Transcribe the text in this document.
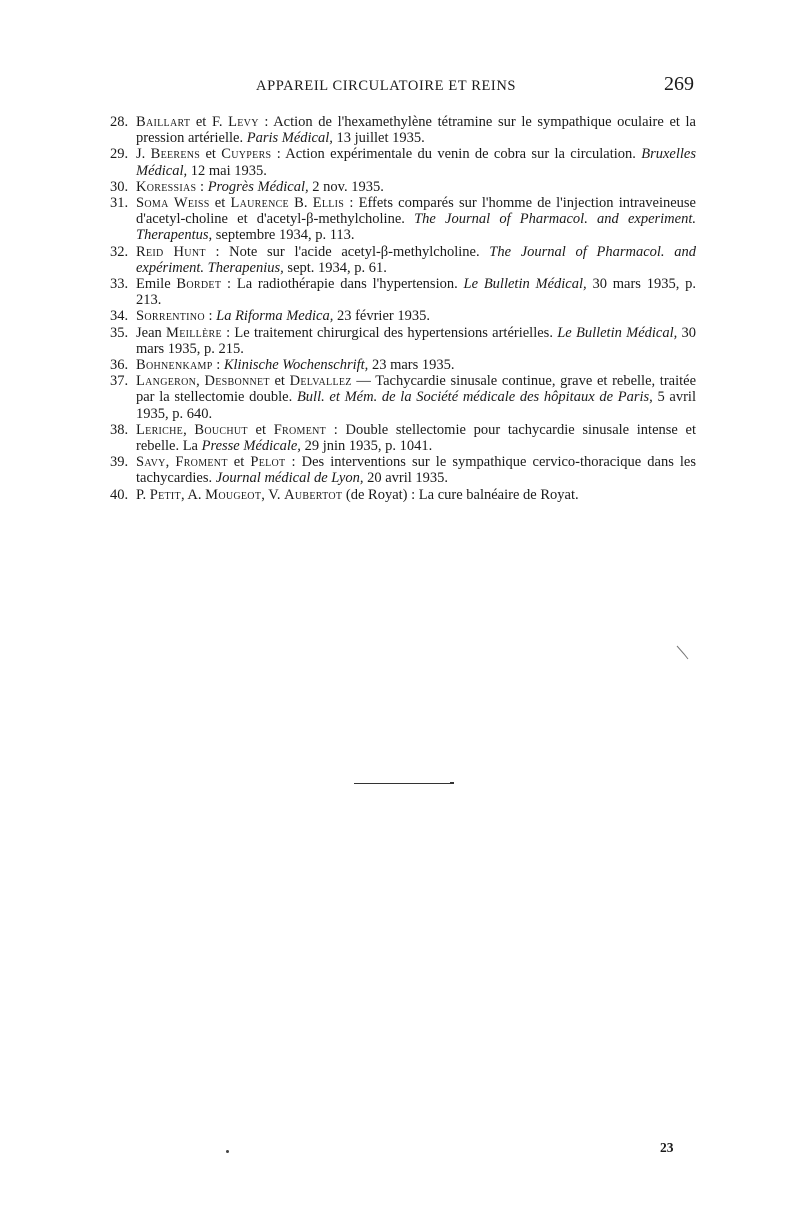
APPAREIL CIRCULATOIRE ET REINS	269
28. Baillart et F. Levy : Action de l'hexamethylène tétramine sur le sympathique oculaire et la pression artérielle. Paris Médical, 13 juillet 1935.
29. J. Beerens et Cuypers : Action expérimentale du venin de cobra sur la circulation. Bruxelles Médical, 12 mai 1935.
30. Koressias : Progrès Médical, 2 nov. 1935.
31. Soma Weiss et Laurence B. Ellis : Effets comparés sur l'homme de l'injection intraveineuse d'acetyl-choline et d'acetyl-β-methylcholine. The Journal of Pharmacol. and experiment. Therapentus, septembre 1934, p. 113.
32. Reid Hunt : Note sur l'acide acetyl-β-methylcholine. The Journal of Pharmacol. and expériment. Therapenius, sept. 1934, p. 61.
33. Emile Bordet : La radiothérapie dans l'hypertension. Le Bulletin Médical, 30 mars 1935, p. 213.
34. Sorrentino : La Riforma Medica, 23 février 1935.
35. Jean Meillère : Le traitement chirurgical des hypertensions artérielles. Le Bulletin Médical, 30 mars 1935, p. 215.
36. Bohnenkamp : Klinische Wochenschrift, 23 mars 1935.
37. Langeron, Desbonnet et Delvallez — Tachycardie sinusale continue, grave et rebelle, traitée par la stellectomie double. Bull. et Mém. de la Société médicale des hôpitaux de Paris, 5 avril 1935, p. 640.
38. Leriche, Bouchut et Froment : Double stellectomie pour tachycardie sinusale intense et rebelle. La Presse Médicale, 29 jnin 1935, p. 1041.
39. Savy, Froment et Pelot : Des interventions sur le sympathique cervico-thoracique dans les tachycardies. Journal médical de Lyon, 20 avril 1935.
40. P. Petit, A. Mougeot, V. Aubertot (de Royat) : La cure balnéaire de Royat.
23
